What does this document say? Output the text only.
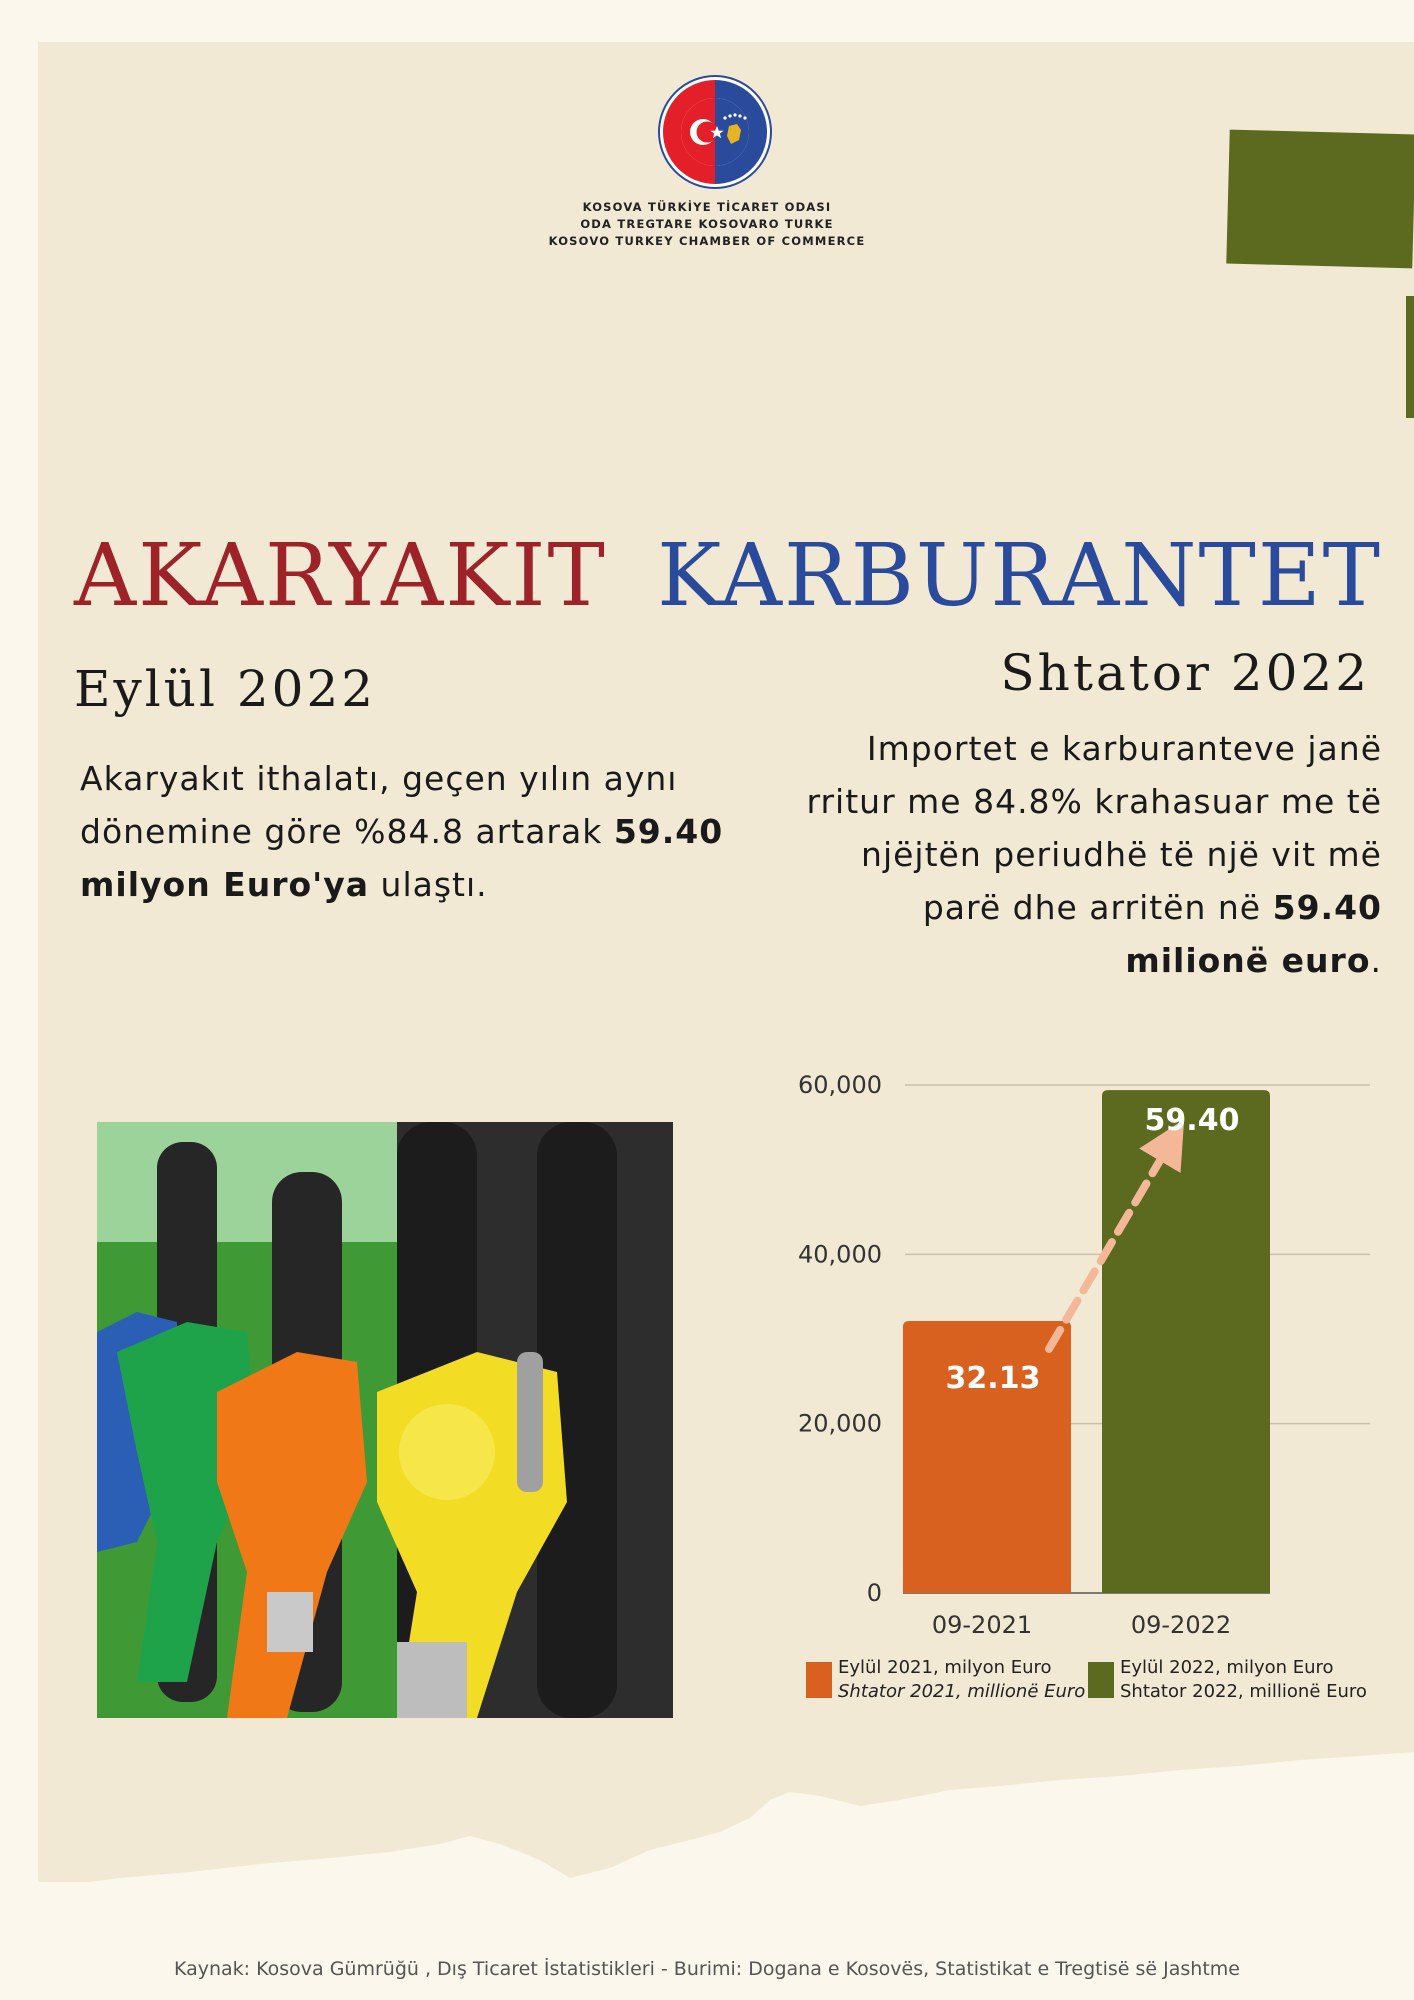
KOSOVA TÜRKİYE TİCARET ODASI
ODA TREGTARE KOSOVARO TURKE
KOSOVO TURKEY CHAMBER OF COMMERCE
AKARYAKIT KARBURANTET
Eylül 2022	Shtator 2022
Akaryakıt ithalatı, geçen yılın aynı dönemine göre %84.8 artarak 59.40 milyon Euro'ya ulaştı.
Importet e karburanteve janë rritur me 84.8% krahasuar me të njëjtën periudhë të një vit më parë dhe arritën në 59.40 milionë euro.
0
20,000
40,000
60,000
32.13
09-2021
59.40
09-2022
Eylül 2021, milyon Euro
Shtator 2021, millionë Euro
Eylül 2022, milyon Euro
Shtator 2022, millionë Euro
Kaynak: Kosova Gümrüğü , Dış Ticaret İstatistikleri - Burimi: Dogana e Kosovës, Statistikat e Tregtisë së Jashtme
